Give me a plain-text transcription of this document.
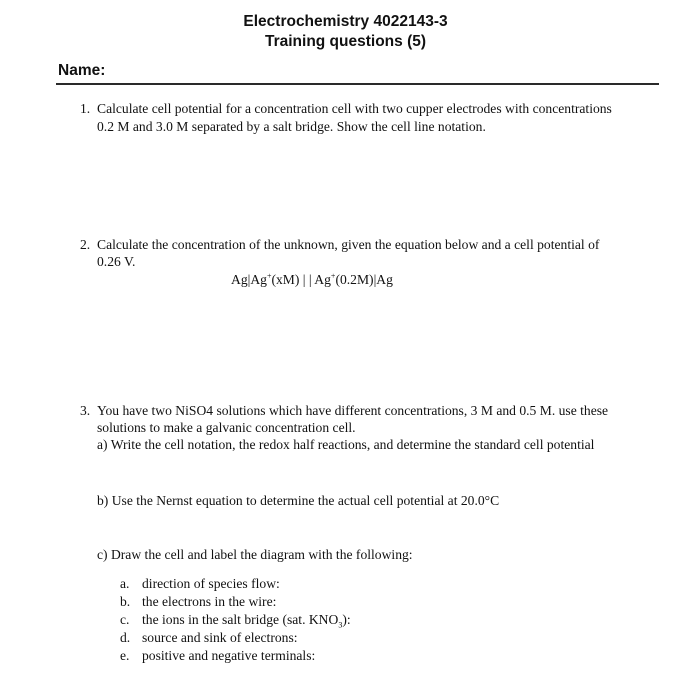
Electrochemistry 4022143-3
Training questions (5)
Name:
1. Calculate cell potential for a concentration cell with two cupper electrodes with concentrations
0.2 M and 3.0 M separated by a salt bridge. Show the cell line notation.
2. Calculate the concentration of the unknown, given the equation below and a cell potential of
0.26 V.
Ag|Ag+(xM) | | Ag+(0.2M)|Ag
3. You have two NiSO4 solutions which have different concentrations, 3 M and 0.5 M. use these
solutions to make a galvanic concentration cell.
a) Write the cell notation, the redox half reactions, and determine the standard cell potential
b) Use the Nernst equation to determine the actual cell potential at 20.0°C
c) Draw the cell and label the diagram with the following:
a. direction of species flow:
b. the electrons in the wire:
c. the ions in the salt bridge (sat. $KNO_3$):
d. source and sink of electrons:
e. positive and negative terminals:
